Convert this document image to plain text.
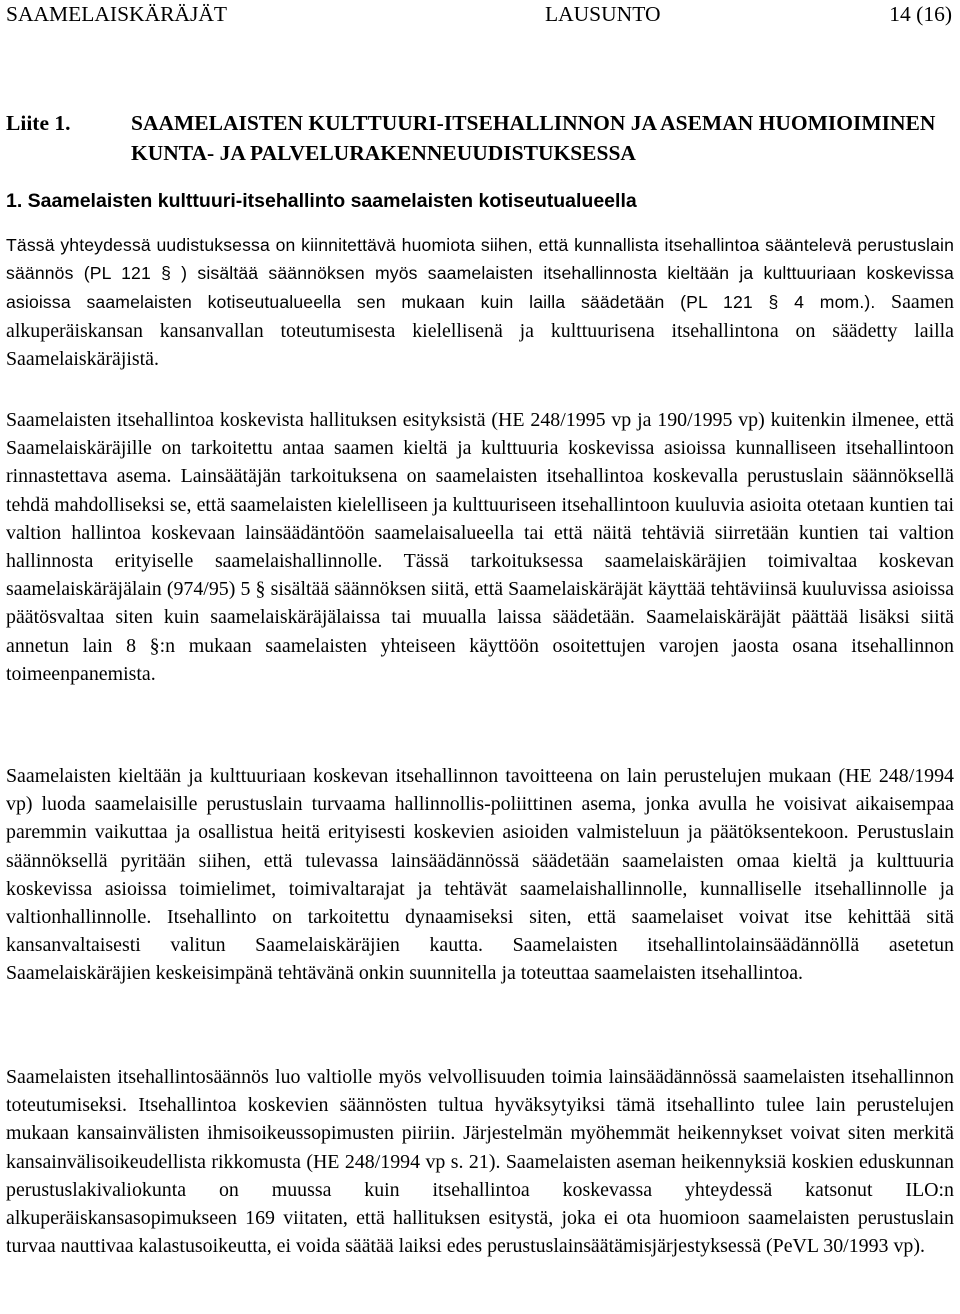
SAAMELAISKÄRÄJÄT	LAUSUNTO	14 (16)
Liite 1.	SAAMELAISTEN KULTTUURI-ITSEHALLINNON JA ASEMAN HUOMIOIMINEN KUNTA- JA PALVELURAKENNEUUDISTUKSESSA
1. Saamelaisten kulttuuri-itsehallinto saamelaisten kotiseutualueella

Tässä yhteydessä uudistuksessa on kiinnitettävä huomiota siihen, että kunnallista itsehallintoa sääntelevä perustuslain säännös (PL 121 § ) sisältää säännöksen myös saamelaisten itsehallinnosta kieltään ja kulttuuriaan koskevissa asioissa saamelaisten kotiseutualueella sen mukaan kuin lailla säädetään (PL 121 § 4 mom.). Saamen alkuperäiskansan kansanvallan toteutumisesta kielellisenä ja kulttuurisena itsehallintona on säädetty lailla Saamelaiskäräjistä.

Saamelaisten itsehallintoa koskevista hallituksen esityksistä (HE 248/1995 vp ja 190/1995 vp) kuitenkin ilmenee, että Saamelaiskäräjille on tarkoitettu antaa saamen kieltä ja kulttuuria koskevissa asioissa kunnalliseen itsehallintoon rinnastettava asema. Lainsäätäjän tarkoituksena on saamelaisten itsehallintoa koskevalla perustuslain säännöksellä tehdä mahdolliseksi se, että saamelaisten kielelliseen ja kulttuuriseen itsehallintoon kuuluvia asioita otetaan kuntien tai valtion hallintoa koskevaan lainsäädäntöön saamelaisalueella tai että näitä tehtäviä siirretään kuntien tai valtion hallinnosta erityiselle saamelaishallinnolle. Tässä tarkoituksessa saamelaiskäräjien toimivaltaa koskevan saamelaiskäräjälain (974/95) 5 § sisältää säännöksen siitä, että Saamelaiskäräjät käyttää tehtäviinsä kuuluvissa asioissa päätösvaltaa siten kuin saamelaiskäräjälaissa tai muualla laissa säädetään. Saamelaiskäräjät päättää lisäksi siitä annetun lain 8 §:n mukaan saamelaisten yhteiseen käyttöön osoitettujen varojen jaosta osana itsehallinnon toimeenpanemista.

Saamelaisten kieltään ja kulttuuriaan koskevan itsehallinnon tavoitteena on lain perustelujen mukaan (HE 248/1994 vp) luoda saamelaisille perustuslain turvaama hallinnollis-poliittinen asema, jonka avulla he voisivat aikaisempaa paremmin vaikuttaa ja osallistua heitä erityisesti koskevien asioiden valmisteluun ja päätöksentekoon. Perustuslain säännöksellä pyritään siihen, että tulevassa lainsäädännössä säädetään saamelaisten omaa kieltä ja kulttuuria koskevissa asioissa toimielimet, toimivaltarajat ja tehtävät saamelaishallinnolle, kunnalliselle itsehallinnolle ja valtionhallinnolle. Itsehallinto on tarkoitettu dynaamiseksi siten, että saamelaiset voivat itse kehittää sitä kansanvaltaisesti valitun Saamelaiskäräjien kautta. Saamelaisten itsehallintolainsäädännöllä asetetun Saamelaiskäräjien keskeisimpänä tehtävänä onkin suunnitella ja toteuttaa saamelaisten itsehallintoa.

Saamelaisten itsehallintosäännös luo valtiolle myös velvollisuuden toimia lainsäädännössä saamelaisten itsehallinnon toteutumiseksi. Itsehallintoa koskevien säännösten tultua hyväksytyiksi tämä itsehallinto tulee lain perustelujen mukaan kansainvälisten ihmisoikeussopimusten piiriin. Järjestelmän myöhemmät heikennykset voivat siten merkitä kansainvälisoikeudellista rikkomusta (HE 248/1994 vp s. 21). Saamelaisten aseman heikennyksiä koskien eduskunnan perustuslakivaliokunta on muussa kuin itsehallintoa koskevassa yhteydessä katsonut ILO:n alkuperäiskansasopimukseen 169 viitaten, että hallituksen esitystä, joka ei ota huomioon saamelaisten perustuslain turvaa nauttivaa kalastusoikeutta, ei voida säätää laiksi edes perustuslainsäätämisjärjestyksessä (PeVL 30/1993 vp).
